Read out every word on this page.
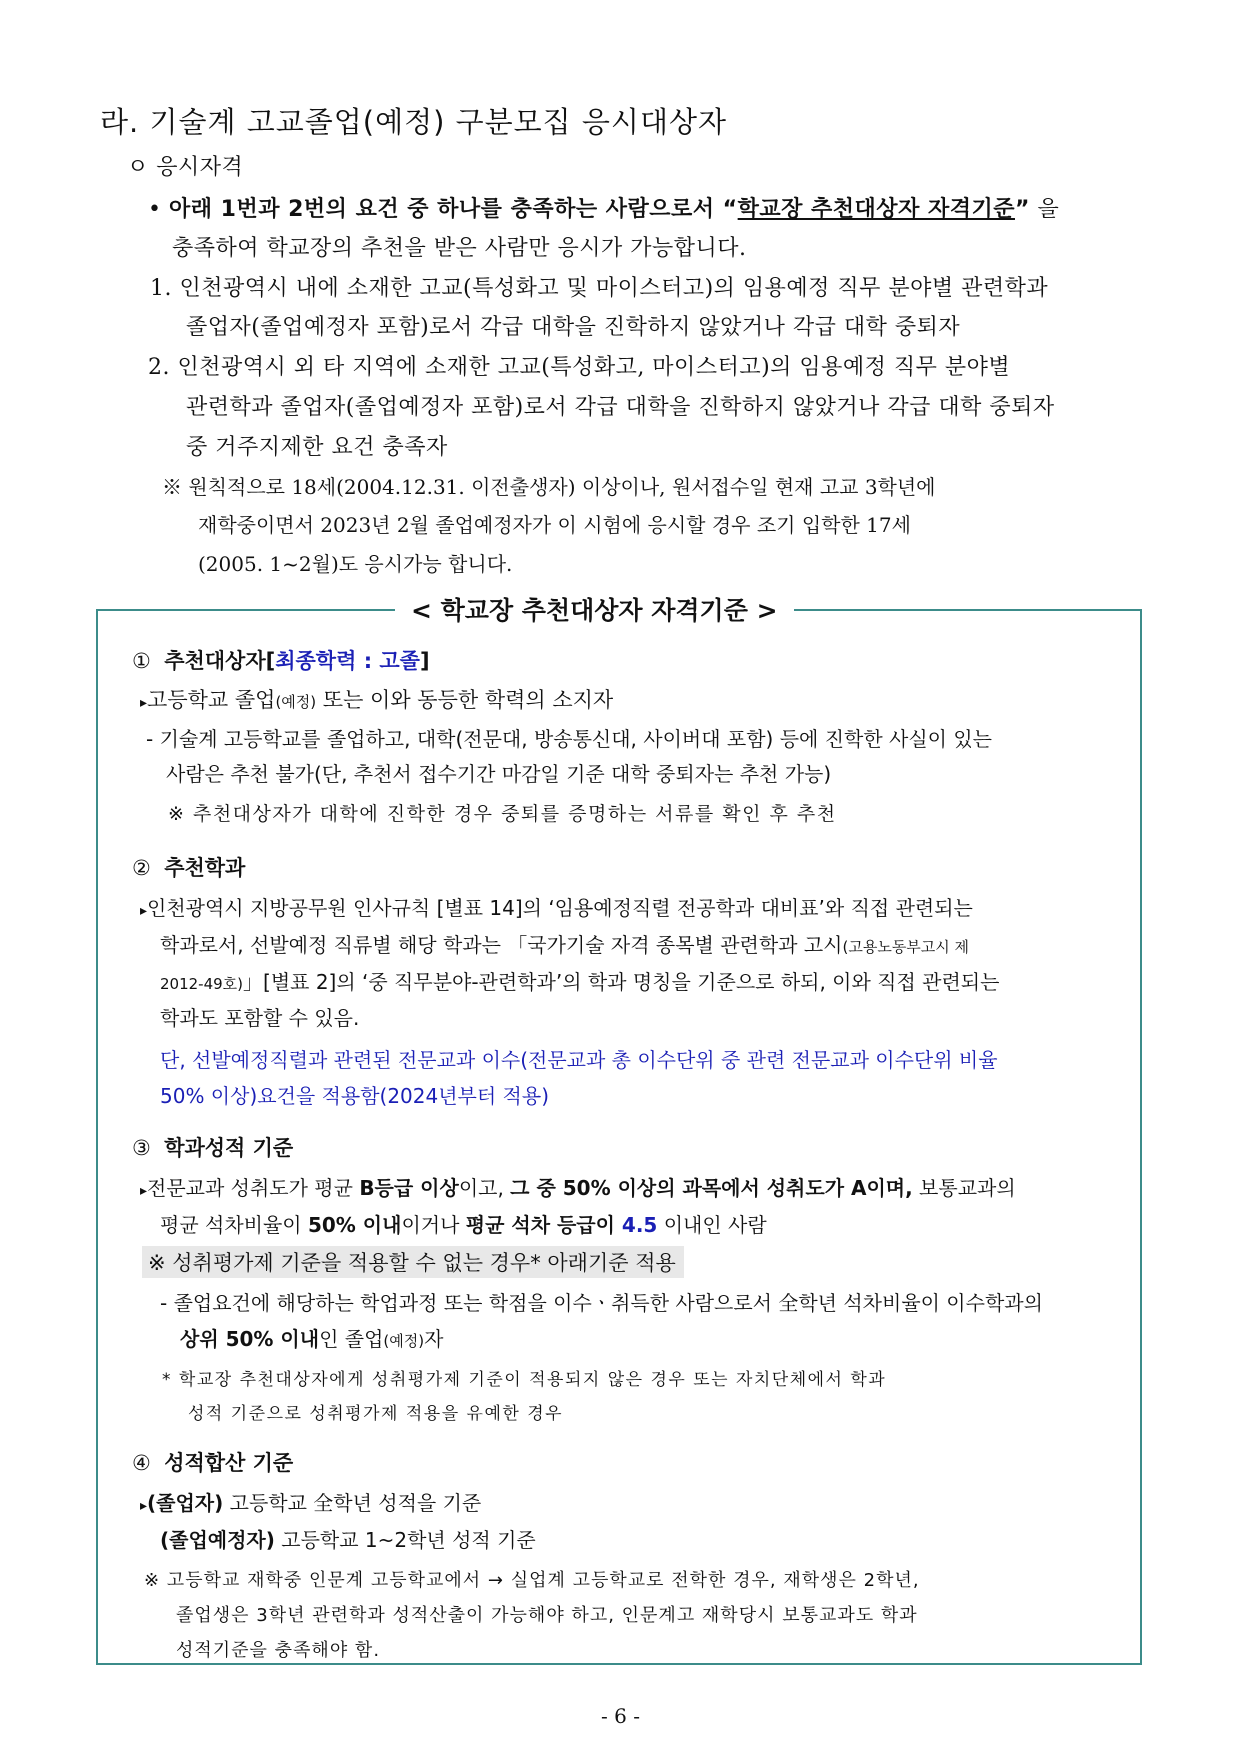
라. 기술계 고교졸업(예정) 구분모집 응시대상자
ㅇ 응시자격
• 아래 1번과 2번의 요건 중 하나를 충족하는 사람으로서 “학교장 추천대상자 자격기준” 을
충족하여 학교장의 추천을 받은 사람만 응시가 가능합니다.
1. 인천광역시 내에 소재한 고교(특성화고 및 마이스터고)의 임용예정 직무 분야별 관련학과
졸업자(졸업예정자 포함)로서 각급 대학을 진학하지 않았거나 각급 대학 중퇴자
2. 인천광역시 외 타 지역에 소재한 고교(특성화고, 마이스터고)의 임용예정 직무 분야별
관련학과 졸업자(졸업예정자 포함)로서 각급 대학을 진학하지 않았거나 각급 대학 중퇴자
중 거주지제한 요건 충족자
※ 원칙적으로 18세(2004.12.31. 이전출생자) 이상이나, 원서접수일 현재 고교 3학년에
재학중이면서 2023년 2월 졸업예정자가 이 시험에 응시할 경우 조기 입학한 17세
(2005. 1~2월)도 응시가능 합니다.
< 학교장 추천대상자 자격기준 >
① 추천대상자[최종학력 : 고졸]
▸고등학교 졸업(예정) 또는 이와 동등한 학력의 소지자
- 기술계 고등학교를 졸업하고, 대학(전문대, 방송통신대, 사이버대 포함) 등에 진학한 사실이 있는
사람은 추천 불가(단, 추천서 접수기간 마감일 기준 대학 중퇴자는 추천 가능)
※ 추천대상자가 대학에 진학한 경우 중퇴를 증명하는 서류를 확인 후 추천
② 추천학과
▸인천광역시 지방공무원 인사규칙 [별표 14]의 ‘임용예정직렬 전공학과 대비표’와 직접 관련되는
학과로서, 선발예정 직류별 해당 학과는 「국가기술 자격 종목별 관련학과 고시(고용노동부고시 제
2012-49호)」[별표 2]의 ‘중 직무분야-관련학과’의 학과 명칭을 기준으로 하되, 이와 직접 관련되는
학과도 포함할 수 있음.
단, 선발예정직렬과 관련된 전문교과 이수(전문교과 총 이수단위 중 관련 전문교과 이수단위 비율
50% 이상)요건을 적용함(2024년부터 적용)
③ 학과성적 기준
▸전문교과 성취도가 평균 B등급 이상이고, 그 중 50% 이상의 과목에서 성취도가 A이며, 보통교과의
평균 석차비율이 50% 이내이거나 평균 석차 등급이 4.5 이내인 사람
※ 성취평가제 기준을 적용할 수 없는 경우* 아래기준 적용
- 졸업요건에 해당하는 학업과정 또는 학점을 이수ㆍ취득한 사람으로서 全학년 석차비율이 이수학과의
상위 50% 이내인 졸업(예정)자
* 학교장 추천대상자에게 성취평가제 기준이 적용되지 않은 경우 또는 자치단체에서 학과
성적 기준으로 성취평가제 적용을 유예한 경우
④ 성적합산 기준
▸(졸업자) 고등학교 全학년 성적을 기준
(졸업예정자) 고등학교 1~2학년 성적 기준
※ 고등학교 재학중 인문계 고등학교에서 → 실업계 고등학교로 전학한 경우, 재학생은 2학년,
졸업생은 3학년 관련학과 성적산출이 가능해야 하고, 인문계고 재학당시 보통교과도 학과
성적기준을 충족해야 함.
- 6 -
